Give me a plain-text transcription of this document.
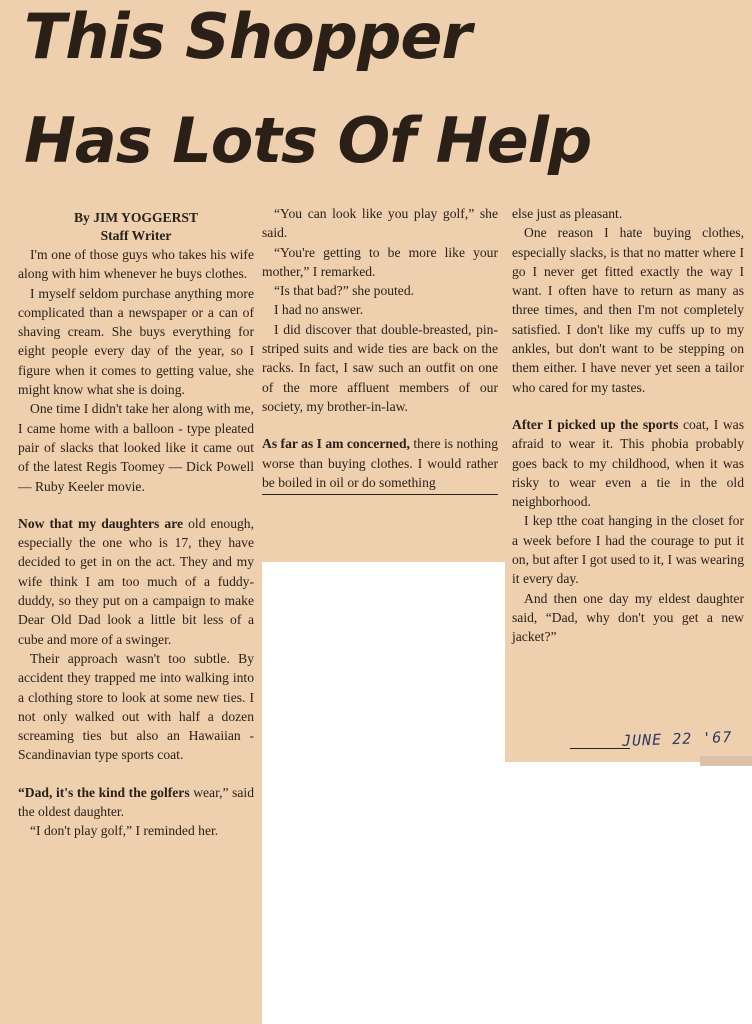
This Shopper
Has Lots Of Help
By JIM YOGGERST
Staff Writer

I'm one of those guys who takes his wife along with him whenever he buys clothes.

I myself seldom purchase anything more complicated than a newspaper or a can of shaving cream. She buys everything for eight people every day of the year, so I figure when it comes to getting value, she might know what she is doing.

One time I didn't take her along with me, I came home with a balloon - type pleated pair of slacks that looked like it came out of the latest Regis Toomey — Dick Powell — Ruby Keeler movie.

Now that my daughters are old enough, especially the one who is 17, they have decided to get in on the act. They and my wife think I am too much of a fuddy-duddy, so they put on a campaign to make Dear Old Dad look a little bit less of a cube and more of a swinger.

Their approach wasn't too subtle. By accident they trapped me into walking into a clothing store to look at some new ties. I not only walked out with half a dozen screaming ties but also an Hawaiian - Scandinavian type sports coat.

“Dad, it's the kind the golfers wear,” said the oldest daughter.

“I don't play golf,” I reminded her.

“You can look like you play golf,” she said.

“You're getting to be more like your mother,” I remarked.

“Is that bad?” she pouted.

I had no answer.

I did discover that double-breasted, pin-striped suits and wide ties are back on the racks. In fact, I saw such an outfit on one of the more affluent members of our society, my brother-in-law.

As far as I am concerned, there is nothing worse than buying clothes. I would rather be boiled in oil or do something

else just as pleasant.

One reason I hate buying clothes, especially slacks, is that no matter where I go I never get fitted exactly the way I want. I often have to return as many as three times, and then I'm not completely satisfied. I don't like my cuffs up to my ankles, but don't want to be stepping on them either. I have never yet seen a tailor who cared for my tastes.

After I picked up the sports coat, I was afraid to wear it. This phobia probably goes back to my childhood, when it was risky to wear even a tie in the old neighborhood.

I kep tthe coat hanging in the closet for a week before I had the courage to put it on, but after I got used to it, I was wearing it every day.

And then one day my eldest daughter said, “Dad, why don't you get a new jacket?”

JUNE 22 '67
